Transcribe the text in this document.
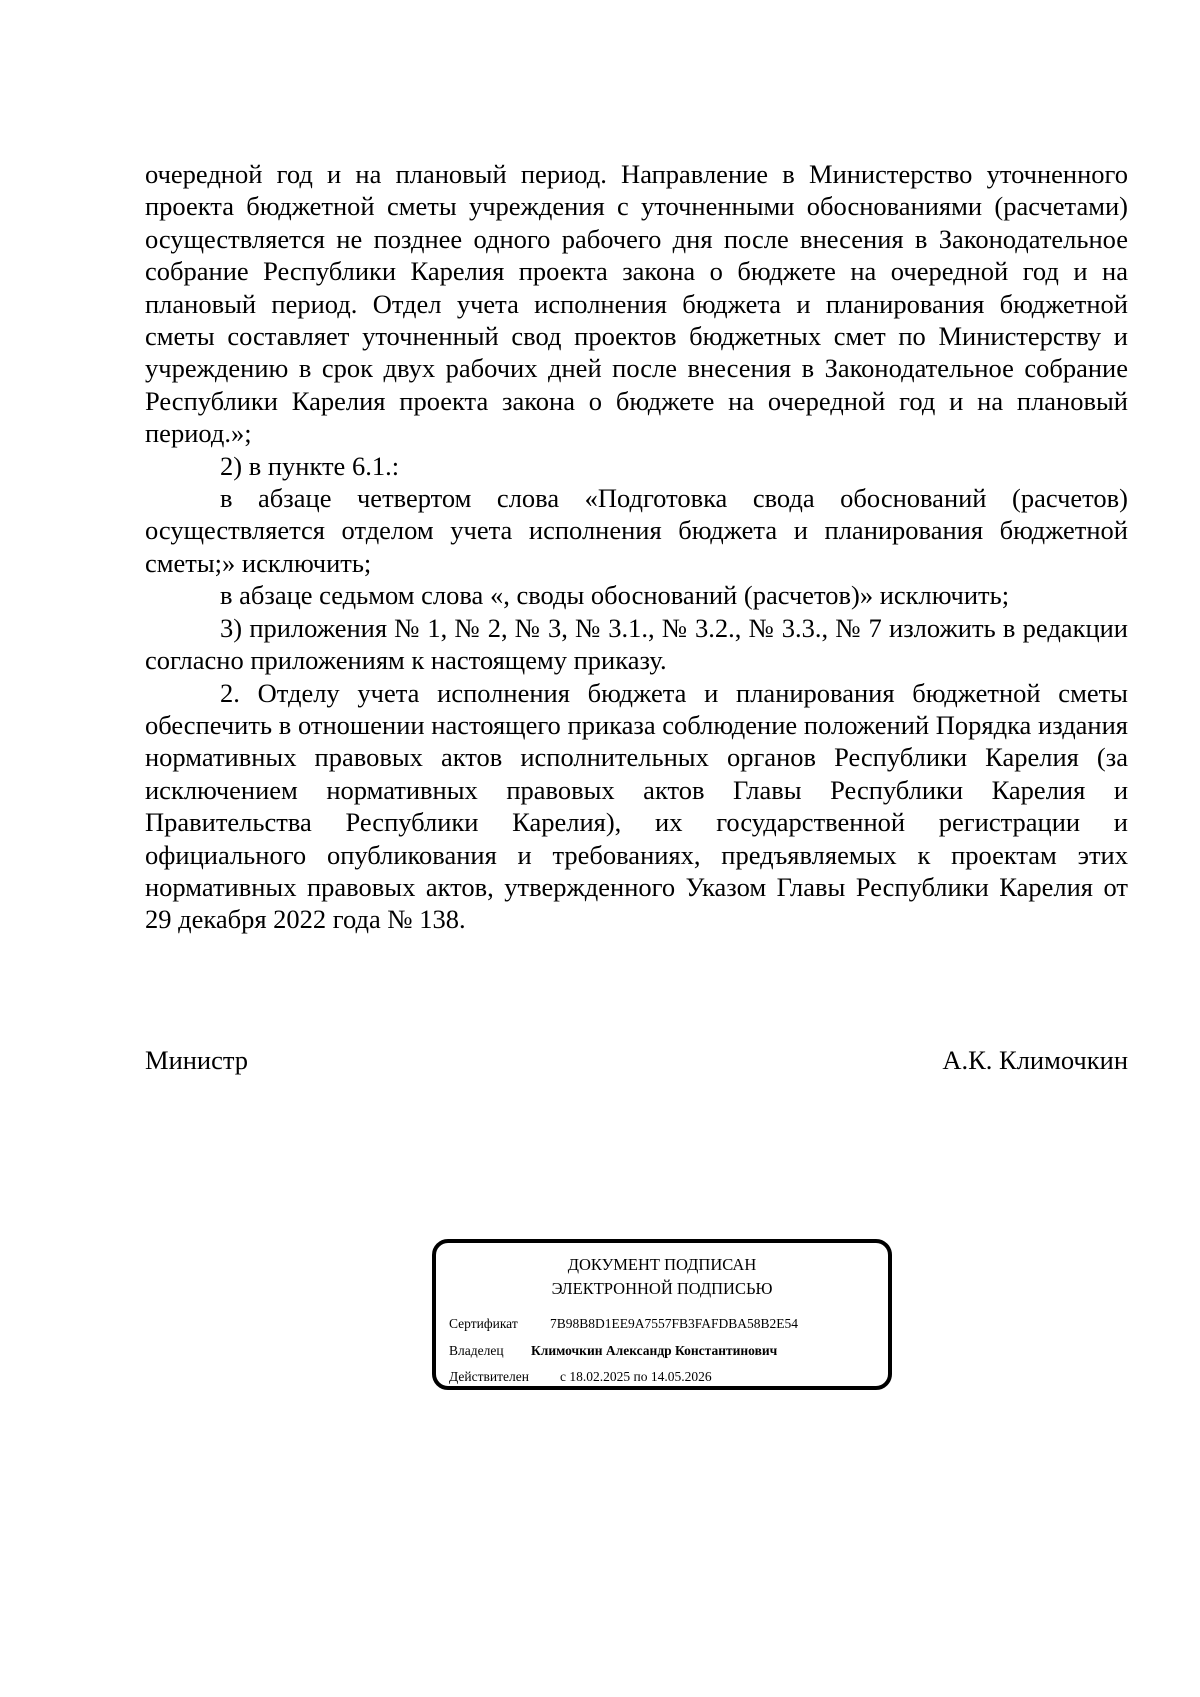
очередной год и на плановый период. Направление в Министерство уточненного проекта бюджетной сметы учреждения с уточненными обоснованиями (расчетами) осуществляется не позднее одного рабочего дня после внесения в Законодательное собрание Республики Карелия проекта закона о бюджете на очередной год и на плановый период. Отдел учета исполнения бюджета и планирования бюджетной сметы составляет уточненный свод проектов бюджетных смет по Министерству и учреждению в срок двух рабочих дней после внесения в Законодательное собрание Республики Карелия проекта закона о бюджете на очередной год и на плановый период.»;

2) в пункте 6.1.:

в абзаце четвертом слова «Подготовка свода обоснований (расчетов) осуществляется отделом учета исполнения бюджета и планирования бюджетной сметы;» исключить;

в абзаце седьмом слова «, своды обоснований (расчетов)» исключить;

3) приложения № 1, № 2, № 3, № 3.1., № 3.2., № 3.3., № 7 изложить в редакции согласно приложениям к настоящему приказу.

2. Отделу учета исполнения бюджета и планирования бюджетной сметы обеспечить в отношении настоящего приказа соблюдение положений Порядка издания нормативных правовых актов исполнительных органов Республики Карелия (за исключением нормативных правовых актов Главы Республики Карелия и Правительства Республики Карелия), их государственной регистрации и официального опубликования и требованиях, предъявляемых к проектам этих нормативных правовых актов, утвержденного Указом Главы Республики Карелия от 29 декабря 2022 года № 138.

Министр	А.К. Климочкин
ДОКУМЕНТ ПОДПИСАН
ЭЛЕКТРОННОЙ ПОДПИСЬЮ
Сертификат 7B98B8D1EE9A7557FB3FAFDBA58B2E54
Владелец Климочкин Александр Константинович
Действителен с 18.02.2025 по 14.05.2026
